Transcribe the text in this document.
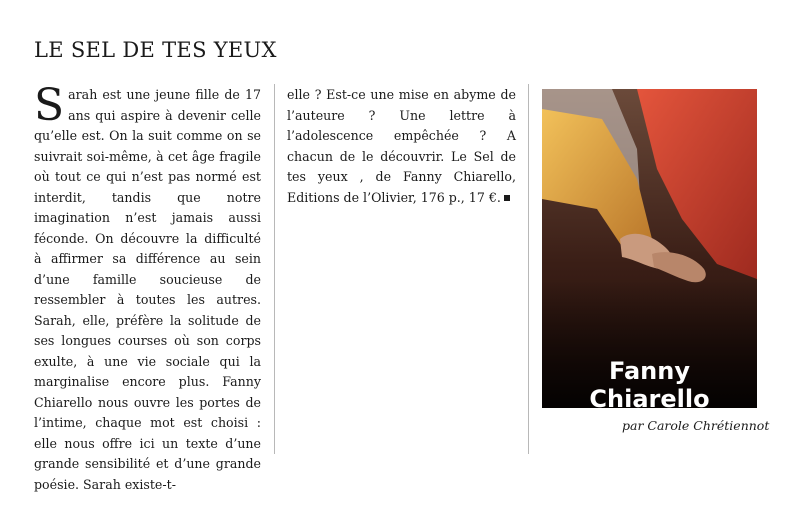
LE SEL DE TES YEUX

Sarah est une jeune fille de 17 ans qui aspire à devenir celle qu’elle est. On la suit comme on se suivrait soi-même, à cet âge fragile où tout ce qui n’est pas normé est interdit, tandis que notre imagination n’est jamais aussi féconde. On découvre la difficulté à affirmer sa différence au sein d’une famille soucieuse de ressembler à toutes les autres. Sarah, elle, préfère la solitude de ses longues courses où son corps exulte, à une vie sociale qui la marginalise encore plus. Fanny Chiarello nous ouvre les portes de l’intime, chaque mot est choisi : elle nous offre ici un texte d’une grande sensibilité et d’une grande poésie. Sarah existe-t-

elle ? Est-ce une mise en abyme de l’auteure ? Une lettre à l’adolescence empêchée ? A chacun de le découvrir. Le Sel de tes yeux , de Fanny Chiarello, Editions de l’Olivier, 176 p., 17 €.

Fanny
Chiarello
par Carole Chrétiennot
